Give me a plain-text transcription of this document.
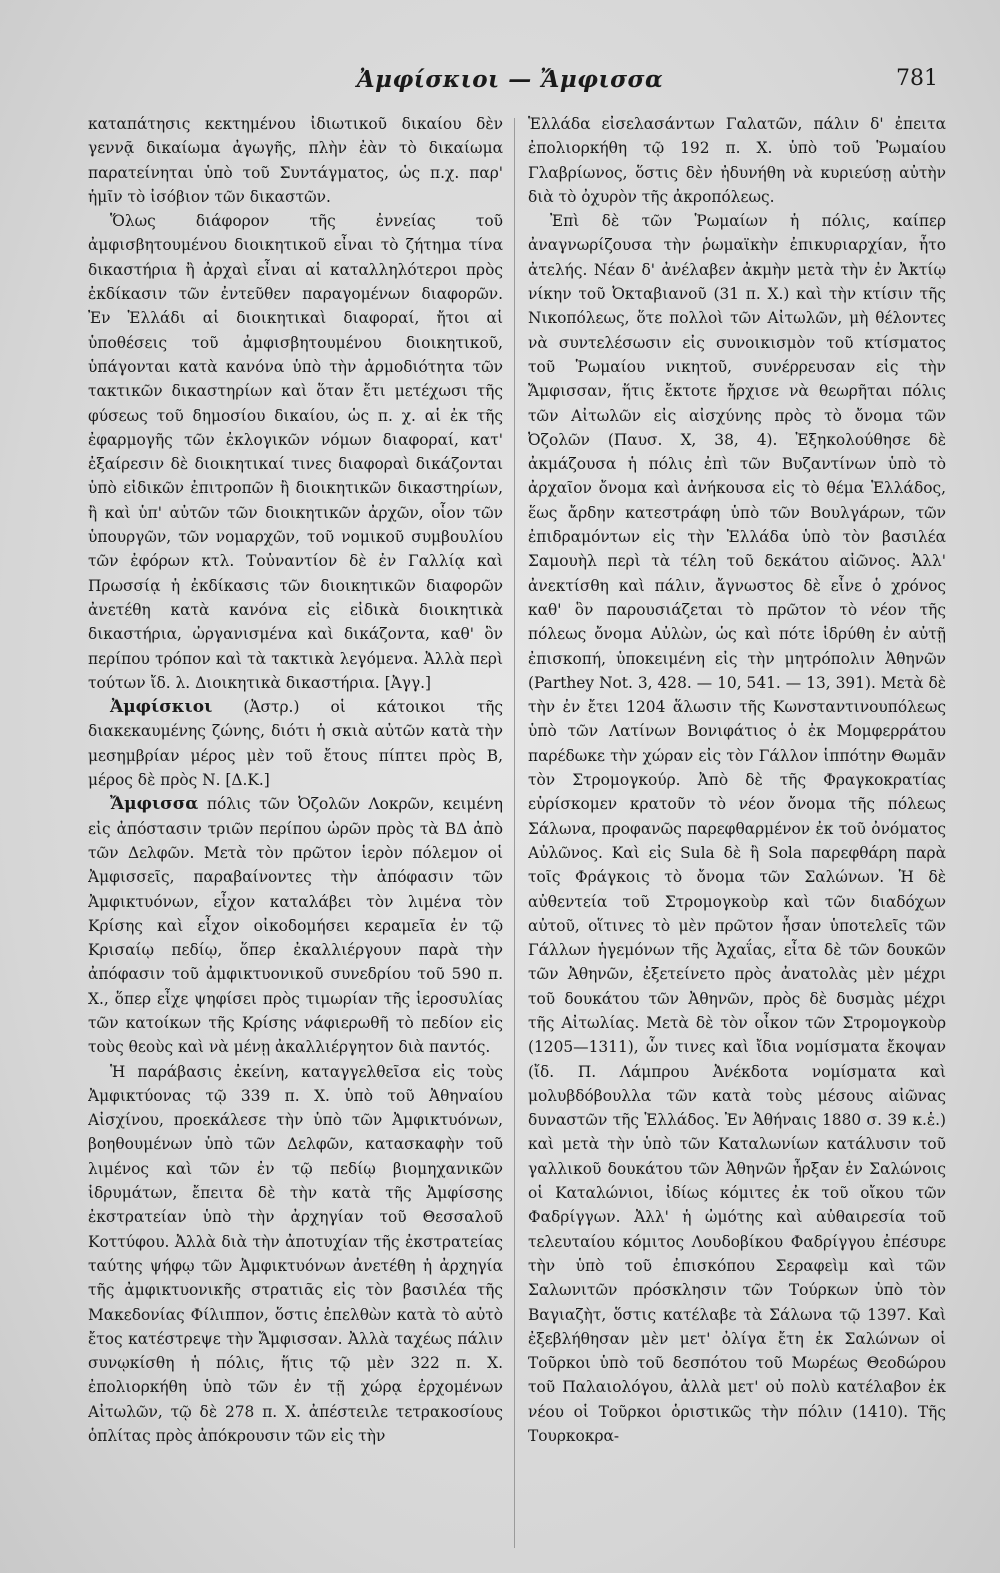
Ἀμφίσκιοι — Ἄμφισσα	781

καταπάτησις κεκτημένου ἰδιωτικοῦ δικαίου δὲν γεννᾷ δικαίωμα ἀγωγῆς, πλὴν ἐὰν τὸ δικαίωμα παρατείνηται ὑπὸ τοῦ Συντάγματος, ὡς π.χ. παρ' ἡμῖν τὸ ἰσόβιον τῶν δικαστῶν.

Ὅλως διάφορον τῆς ἐννείας τοῦ ἀμφισβητουμένου διοικητικοῦ εἶναι τὸ ζήτημα τίνα δικαστήρια ἢ ἀρχαὶ εἶναι αἱ καταλληλότεροι πρὸς ἐκδίκασιν τῶν ἐντεῦθεν παραγομένων διαφορῶν. Ἐν Ἑλλάδι αἱ διοικητικαὶ διαφοραί, ἤτοι αἱ ὑποθέσεις τοῦ ἀμφισβητουμένου διοικητικοῦ, ὑπάγονται κατὰ κανόνα ὑπὸ τὴν ἁρμοδιότητα τῶν τακτικῶν δικαστηρίων καὶ ὅταν ἔτι μετέχωσι τῆς φύσεως τοῦ δημοσίου δικαίου, ὡς π. χ. αἱ ἐκ τῆς ἐφαρμογῆς τῶν ἐκλογικῶν νόμων διαφοραί, κατ' ἐξαίρεσιν δὲ διοικητικαί τινες διαφοραὶ δικάζονται ὑπὸ εἰδικῶν ἐπιτροπῶν ἢ διοικητικῶν δικαστηρίων, ἢ καὶ ὑπ' αὐτῶν τῶν διοικητικῶν ἀρχῶν, οἷον τῶν ὑπουργῶν, τῶν νομαρχῶν, τοῦ νομικοῦ συμβουλίου τῶν ἐφόρων κτλ. Τοὐναντίον δὲ ἐν Γαλλίᾳ καὶ Πρωσσίᾳ ἡ ἐκδίκασις τῶν διοικητικῶν διαφορῶν ἀνετέθη κατὰ κανόνα εἰς εἰδικὰ διοικητικὰ δικαστήρια, ὠργανισμένα καὶ δικάζοντα, καθ' ὃν περίπου τρόπον καὶ τὰ τακτικὰ λεγόμενα. Ἀλλὰ περὶ τούτων ἴδ. λ. Διοικητικὰ δικαστήρια. [Ἀγγ.]

Ἀμφίσκιοι (Ἀστρ.) οἱ κάτοικοι τῆς διακεκαυμένης ζώνης, διότι ἡ σκιὰ αὐτῶν κατὰ τὴν μεσημβρίαν μέρος μὲν τοῦ ἔτους πίπτει πρὸς Β, μέρος δὲ πρὸς Ν. [Δ.Κ.]

Ἄμφισσα πόλις τῶν Ὀζολῶν Λοκρῶν, κειμένη εἰς ἀπόστασιν τριῶν περίπου ὡρῶν πρὸς τὰ ΒΔ ἀπὸ τῶν Δελφῶν. Μετὰ τὸν πρῶτον ἱερὸν πόλεμον οἱ Ἀμφισσεῖς, παραβαίνοντες τὴν ἀπόφασιν τῶν Ἀμφικτυόνων, εἶχον καταλάβει τὸν λιμένα τὸν Κρίσης καὶ εἶχον οἰκοδομήσει κεραμεῖα ἐν τῷ Κρισαίῳ πεδίῳ, ὅπερ ἐκαλλιέργουν παρὰ τὴν ἀπόφασιν τοῦ ἀμφικτυονικοῦ συνεδρίου τοῦ 590 π. Χ., ὅπερ εἶχε ψηφίσει πρὸς τιμωρίαν τῆς ἱεροσυλίας τῶν κατοίκων τῆς Κρίσης νάφιερωθῆ τὸ πεδίον εἰς τοὺς θεοὺς καὶ νὰ μένῃ ἀκαλλιέργητον διὰ παντός.

Ἡ παράβασις ἐκείνη, καταγγελθεῖσα εἰς τοὺς Ἀμφικτύονας τῷ 339 π. Χ. ὑπὸ τοῦ Ἀθηναίου Αἰσχίνου, προεκάλεσε τὴν ὑπὸ τῶν Ἀμφικτυόνων, βοηθουμένων ὑπὸ τῶν Δελφῶν, κατασκαφὴν τοῦ λιμένος καὶ τῶν ἐν τῷ πεδίῳ βιομηχανικῶν ἱδρυμάτων, ἔπειτα δὲ τὴν κατὰ τῆς Ἀμφίσσης ἐκστρατείαν ὑπὸ τὴν ἀρχηγίαν τοῦ Θεσσαλοῦ Κοττύφου. Ἀλλὰ διὰ τὴν ἀποτυχίαν τῆς ἐκστρατείας ταύτης ψήφῳ τῶν Ἀμφικτυόνων ἀνετέθη ἡ ἀρχηγία τῆς ἀμφικτυονικῆς στρατιᾶς εἰς τὸν βασιλέα τῆς Μακεδονίας Φίλιππον, ὅστις ἐπελθὼν κατὰ τὸ αὐτὸ ἔτος κατέστρεψε τὴν Ἄμφισσαν. Ἀλλὰ ταχέως πάλιν συνῳκίσθη ἡ πόλις, ἥτις τῷ μὲν 322 π. Χ. ἐπολιορκήθη ὑπὸ τῶν ἐν τῇ χώρᾳ ἐρχομένων Αἰτωλῶν, τῷ δὲ 278 π. Χ. ἀπέστειλε τετρακοσίους ὁπλίτας πρὸς ἀπόκρουσιν τῶν εἰς τὴν

Ἑλλάδα εἰσελασάντων Γαλατῶν, πάλιν δ' ἐπειτα ἐπολιορκήθη τῷ 192 π. Χ. ὑπὸ τοῦ Ῥωμαίου Γλαβρίωνος, ὅστις δὲν ἠδυνήθη νὰ κυριεύσῃ αὐτὴν διὰ τὸ ὀχυρὸν τῆς ἀκροπόλεως.

Ἐπὶ δὲ τῶν Ῥωμαίων ἡ πόλις, καίπερ ἀναγνωρίζουσα τὴν ῥωμαϊκὴν ἐπικυριαρχίαν, ἦτο ἀτελής. Νέαν δ' ἀνέλαβεν ἀκμὴν μετὰ τὴν ἐν Ἀκτίῳ νίκην τοῦ Ὀκταβιανοῦ (31 π. Χ.) καὶ τὴν κτίσιν τῆς Νικοπόλεως, ὅτε πολλοὶ τῶν Αἰτωλῶν, μὴ θέλοντες νὰ συντελέσωσιν εἰς συνοικισμὸν τοῦ κτίσματος τοῦ Ῥωμαίου νικητοῦ, συνέρρευσαν εἰς τὴν Ἄμφισσαν, ἥτις ἔκτοτε ἤρχισε νὰ θεωρῆται πόλις τῶν Αἰτωλῶν εἰς αἰσχύνης πρὸς τὸ ὄνομα τῶν Ὀζολῶν (Παυσ. Χ, 38, 4). Ἐξηκολούθησε δὲ ἀκμάζουσα ἡ πόλις ἐπὶ τῶν Βυζαντίνων ὑπὸ τὸ ἀρχαῖον ὄνομα καὶ ἀνήκουσα εἰς τὸ θέμα Ἑλλάδος, ἕως ἄρδην κατεστράφη ὑπὸ τῶν Βουλγάρων, τῶν ἐπιδραμόντων εἰς τὴν Ἑλλάδα ὑπὸ τὸν βασιλέα Σαμουὴλ περὶ τὰ τέλη τοῦ δεκάτου αἰῶνος. Ἀλλ' ἀνεκτίσθη καὶ πάλιν, ἄγνωστος δὲ εἶνε ὁ χρόνος καθ' ὃν παρουσιάζεται τὸ πρῶτον τὸ νέον τῆς πόλεως ὄνομα Αὐλὼν, ὡς καὶ πότε ἱδρύθη ἐν αὐτῇ ἐπισκοπή, ὑποκειμένη εἰς τὴν μητρόπολιν Ἀθηνῶν (Parthey Not. 3, 428. — 10, 541. — 13, 391). Μετὰ δὲ τὴν ἐν ἔτει 1204 ἅλωσιν τῆς Κωνσταντινουπόλεως ὑπὸ τῶν Λατίνων Βονιφάτιος ὁ ἐκ Μομφερράτου παρέδωκε τὴν χώραν εἰς τὸν Γάλλον ἱππότην Θωμᾶν τὸν Στρομογκούρ. Ἀπὸ δὲ τῆς Φραγκοκρατίας εὑρίσκομεν κρατοῦν τὸ νέον ὄνομα τῆς πόλεως Σάλωνα, προφανῶς παρεφθαρμένον ἐκ τοῦ ὀνόματος Αὐλῶνος. Καὶ εἰς Sula δὲ ἢ Sola παρεφθάρη παρὰ τοῖς Φράγκοις τὸ ὄνομα τῶν Σαλώνων. Ἡ δὲ αὐθεντεία τοῦ Στρομογκοὺρ καὶ τῶν διαδόχων αὐτοῦ, οἵτινες τὸ μὲν πρῶτον ἦσαν ὑποτελεῖς τῶν Γάλλων ἡγεμόνων τῆς Ἀχαΐας, εἶτα δὲ τῶν δουκῶν τῶν Ἀθηνῶν, ἐξετείνετο πρὸς ἀνατολὰς μὲν μέχρι τοῦ δουκάτου τῶν Ἀθηνῶν, πρὸς δὲ δυσμὰς μέχρι τῆς Αἰτωλίας. Μετὰ δὲ τὸν οἶκον τῶν Στρομογκοὺρ (1205—1311), ὧν τινες καὶ ἴδια νομίσματα ἔκοψαν (ἴδ. Π. Λάμπρου Ἀνέκδοτα νομίσματα καὶ μολυβδόβουλλα τῶν κατὰ τοὺς μέσους αἰῶνας δυναστῶν τῆς Ἑλλάδος. Ἐν Ἀθήναις 1880 σ. 39 κ.ἑ.) καὶ μετὰ τὴν ὑπὸ τῶν Καταλωνίων κατάλυσιν τοῦ γαλλικοῦ δουκάτου τῶν Ἀθηνῶν ἦρξαν ἐν Σαλώνοις οἱ Καταλώνιοι, ἰδίως κόμιτες ἐκ τοῦ οἴκου τῶν Φαδρίγγων. Ἀλλ' ἡ ὠμότης καὶ αὐθαιρεσία τοῦ τελευταίου κόμιτος Λουδοβίκου Φαδρίγγου ἐπέσυρε τὴν ὑπὸ τοῦ ἐπισκόπου Σεραφεὶμ καὶ τῶν Σαλωνιτῶν πρόσκλησιν τῶν Τούρκων ὑπὸ τὸν Βαγιαζὴτ, ὅστις κατέλαβε τὰ Σάλωνα τῷ 1397. Καὶ ἐξεβλήθησαν μὲν μετ' ὀλίγα ἔτη ἐκ Σαλώνων οἱ Τοῦρκοι ὑπὸ τοῦ δεσπότου τοῦ Μωρέως Θεοδώρου τοῦ Παλαιολόγου, ἀλλὰ μετ' οὐ πολὺ κατέλαβον ἐκ νέου οἱ Τοῦρκοι ὁριστικῶς τὴν πόλιν (1410). Τῆς Τουρκοκρα-
